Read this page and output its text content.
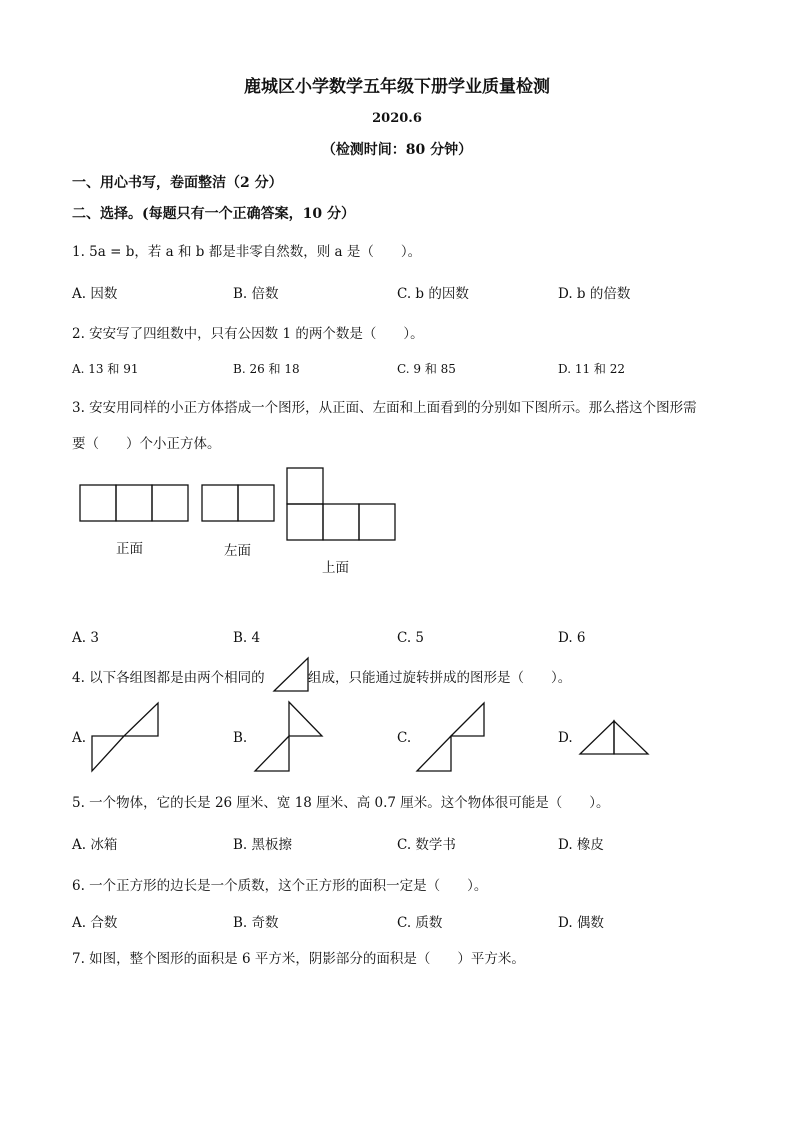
鹿城区小学数学五年级下册学业质量检测
2020.6
（检测时间：80 分钟）
一、用心书写，卷面整洁（2 分）
二、选择。(每题只有一个正确答案，10 分）
1. 5a = b，若 a 和 b 都是非零自然数，则 a 是（　　）。
A. 因数	B. 倍数	C. b 的因数	D. b 的倍数
2. 安安写了四组数中，只有公因数 1 的两个数是（　　）。
A. 13 和 91	B. 26 和 18	C. 9 和 85	D. 11 和 22
3. 安安用同样的小正方体搭成一个图形，从正面、左面和上面看到的分别如下图所示。那么搭这个图形需
要（　　）个小正方体。
正面	左面
上面
A. 3	B. 4	C. 5	D. 6
4. 以下各组图都是由两个相同的	组成，只能通过旋转拼成的图形是（　　）。
A.	B.	C.	D.
5. 一个物体，它的长是 26 厘米、宽 18 厘米、高 0.7 厘米。这个物体很可能是（　　）。
A. 冰箱	B. 黑板擦	C. 数学书	D. 橡皮
6. 一个正方形的边长是一个质数，这个正方形的面积一定是（　　）。
A. 合数	B. 奇数	C. 质数	D. 偶数
7. 如图，整个图形的面积是 6 平方米，阴影部分的面积是（　　）平方米。
